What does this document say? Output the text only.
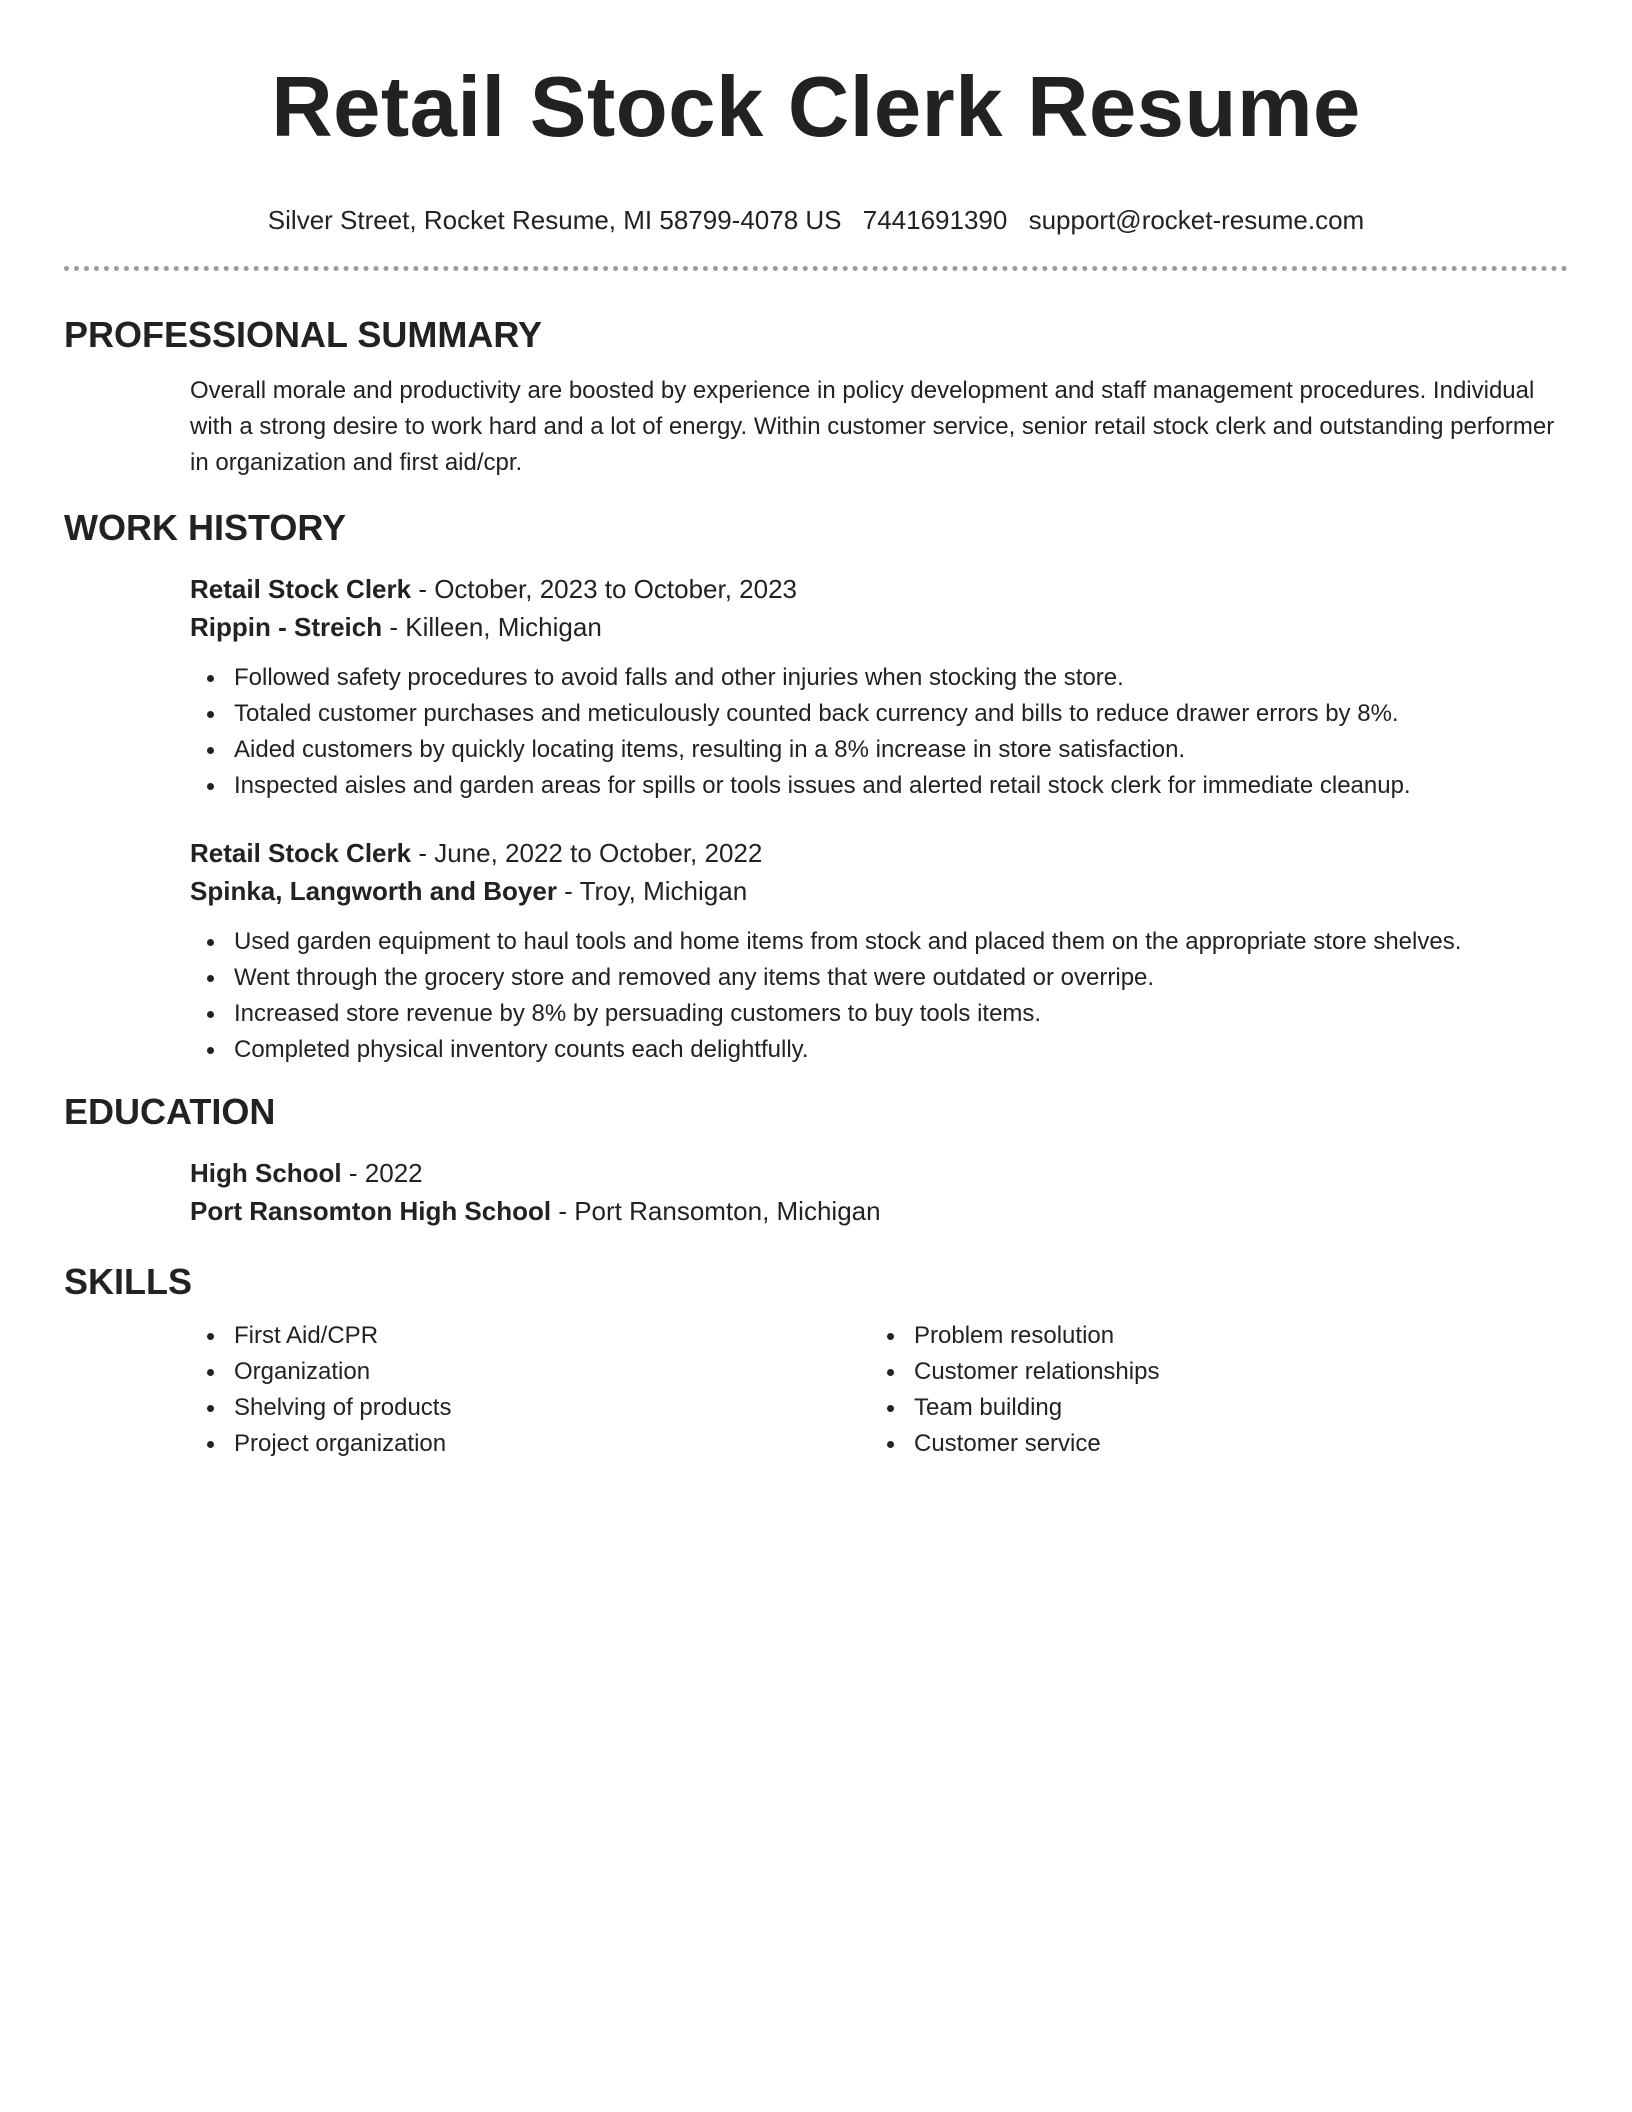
Retail Stock Clerk Resume
Silver Street, Rocket Resume, MI 58799-4078 US 7441691390 support@rocket-resume.com
PROFESSIONAL SUMMARY

Overall morale and productivity are boosted by experience in policy development and staff management procedures. Individual with a strong desire to work hard and a lot of energy. Within customer service, senior retail stock clerk and outstanding performer in organization and first aid/cpr.

WORK HISTORY
Retail Stock Clerk - October, 2023 to October, 2023
Rippin - Streich - Killeen, Michigan
Followed safety procedures to avoid falls and other injuries when stocking the store.
Totaled customer purchases and meticulously counted back currency and bills to reduce drawer errors by 8%.
Aided customers by quickly locating items, resulting in a 8% increase in store satisfaction.
Inspected aisles and garden areas for spills or tools issues and alerted retail stock clerk for immediate cleanup.
Retail Stock Clerk - June, 2022 to October, 2022
Spinka, Langworth and Boyer - Troy, Michigan
Used garden equipment to haul tools and home items from stock and placed them on the appropriate store shelves.
Went through the grocery store and removed any items that were outdated or overripe.
Increased store revenue by 8% by persuading customers to buy tools items.
Completed physical inventory counts each delightfully.
EDUCATION
High School - 2022
Port Ransomton High School - Port Ransomton, Michigan
SKILLS
First Aid/CPR
Organization
Shelving of products
Project organization
Problem resolution
Customer relationships
Team building
Customer service
